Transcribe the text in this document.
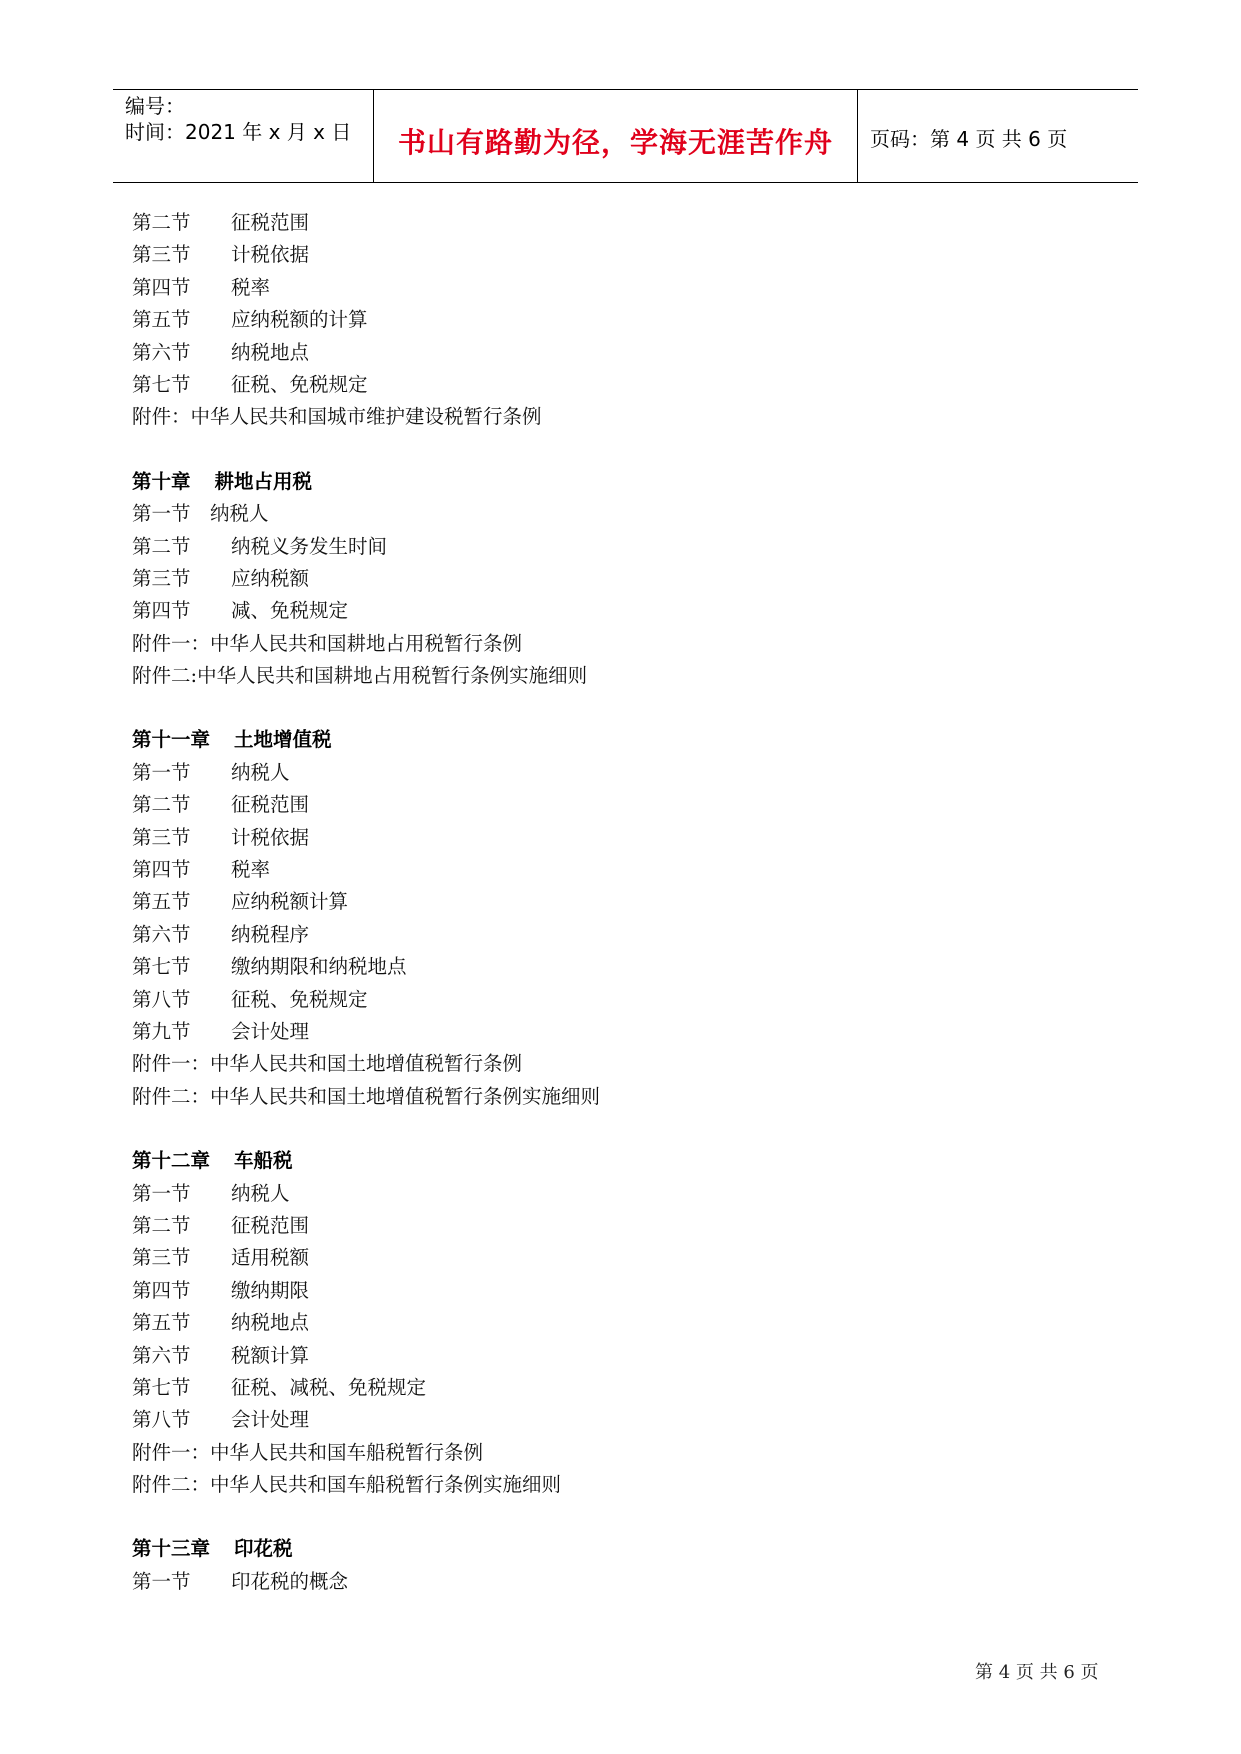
编号：
时间：2021 年 x 月 x 日	书山有路勤为径，学海无涯苦作舟	页码：第 4 页 共 6 页
第二节 征税范围
第三节 计税依据
第四节 税率
第五节 应纳税额的计算
第六节 纳税地点
第七节 征税、免税规定
附件：中华人民共和国城市维护建设税暂行条例
第十章 耕地占用税
第一节　纳税人
第二节 纳税义务发生时间
第三节 应纳税额
第四节 减、免税规定
附件一：中华人民共和国耕地占用税暂行条例
附件二:中华人民共和国耕地占用税暂行条例实施细则
第十一章 土地增值税
第一节 纳税人
第二节 征税范围
第三节 计税依据
第四节 税率
第五节 应纳税额计算
第六节 纳税程序
第七节 缴纳期限和纳税地点
第八节 征税、免税规定
第九节 会计处理
附件一：中华人民共和国土地增值税暂行条例
附件二：中华人民共和国土地增值税暂行条例实施细则
第十二章 车船税
第一节 纳税人
第二节 征税范围
第三节 适用税额
第四节 缴纳期限
第五节 纳税地点
第六节 税额计算
第七节 征税、减税、免税规定
第八节 会计处理
附件一：中华人民共和国车船税暂行条例
附件二：中华人民共和国车船税暂行条例实施细则
第十三章 印花税
第一节 印花税的概念
第 4 页 共 6 页
